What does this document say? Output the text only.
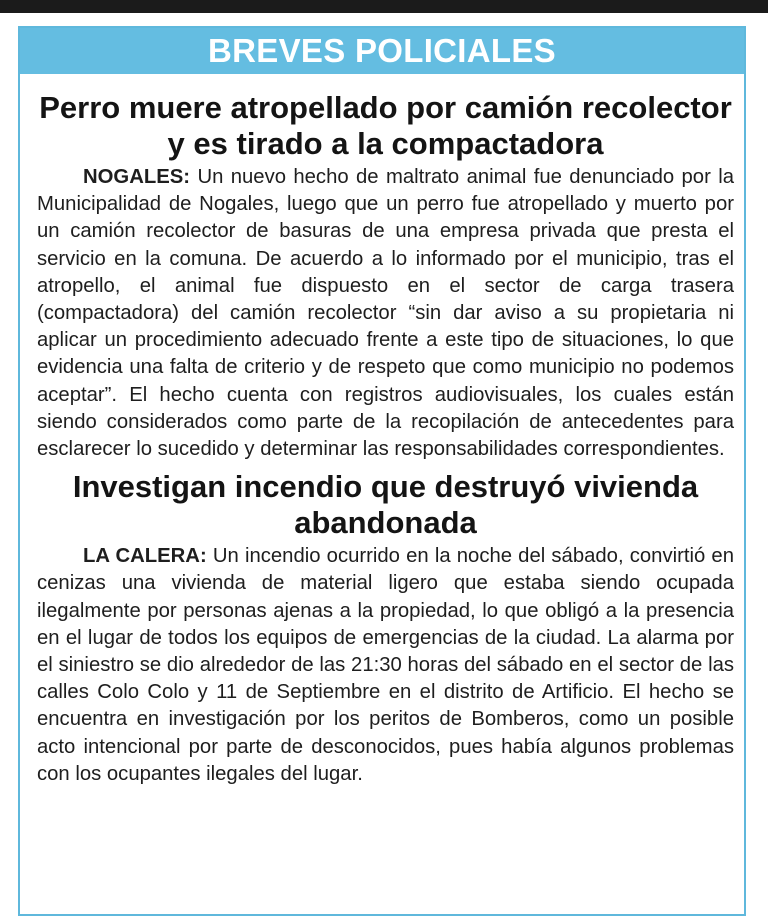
BREVES POLICIALES
Perro muere atropellado por camión recolector y es tirado a la compactadora

NOGALES: Un nuevo hecho de maltrato animal fue denunciado por la Municipalidad de Nogales, luego que un perro fue atropellado y muerto por un camión recolector de basuras de una empresa privada que presta el servicio en la comuna. De acuerdo a lo informado por el municipio, tras el atropello, el animal fue dispuesto en el sector de carga trasera (compactadora) del camión recolector “sin dar aviso a su propietaria ni aplicar un procedimiento adecuado frente a este tipo de situaciones, lo que evidencia una falta de criterio y de respeto que como municipio no podemos aceptar”. El hecho cuenta con registros audiovisuales, los cuales están siendo considerados como parte de la recopilación de antecedentes para esclarecer lo sucedido y determinar las responsabilidades correspondientes.

Investigan incendio que destruyó vivienda abandonada

LA CALERA: Un incendio ocurrido en la noche del sábado, convirtió en cenizas una vivienda de material ligero que estaba siendo ocupada ilegalmente por personas ajenas a la propiedad, lo que obligó a la presencia en el lugar de todos los equipos de emergencias de la ciudad. La alarma por el siniestro se dio alrededor de las 21:30 horas del sábado en el sector de las calles Colo Colo y 11 de Septiembre en el distrito de Artificio. El hecho se encuentra en investigación por los peritos de Bomberos, como un posible acto intencional por parte de desconocidos, pues había algunos problemas con los ocupantes ilegales del lugar.
